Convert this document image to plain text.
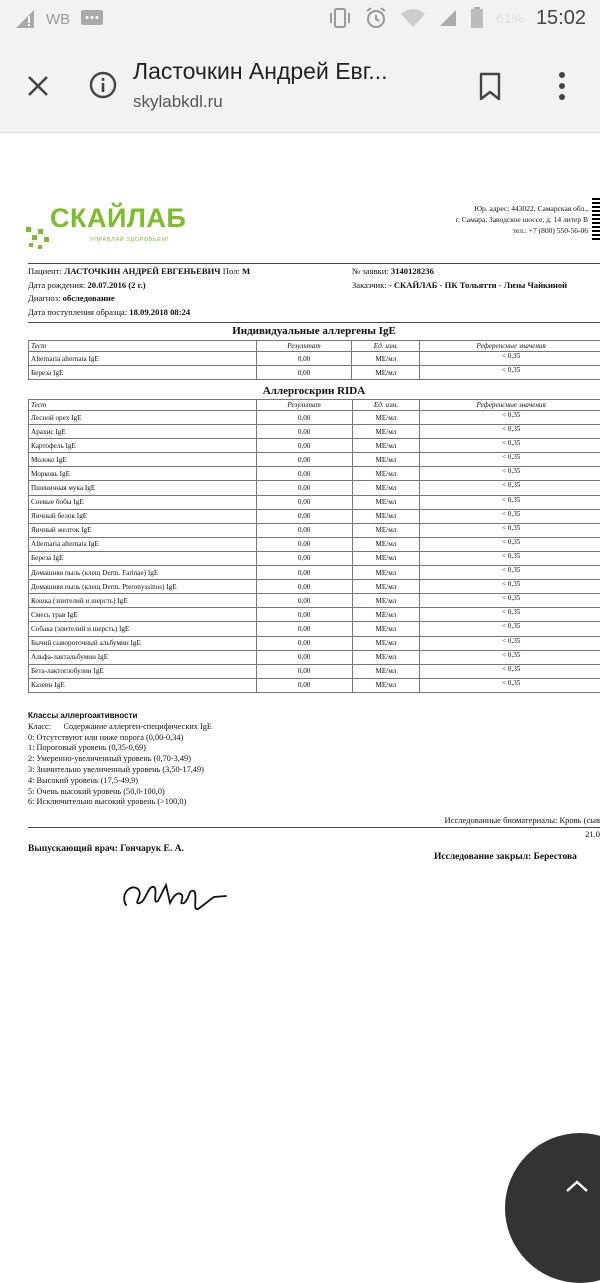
WB	61% 15:02
Ласточкин Андрей Евг...
skylabkdl.ru
СКАЙЛАБ
УПРАВЛЯЙ ЗДОРОВЬЕМ!
Юр. адрес: 443022, Самарская обл.,
г. Самара, Заводское шоссе, д. 14 литер В
тел.: +7 (800) 550-56-06
Пациент: ЛАСТОЧКИН АНДРЕЙ ЕВГЕНЬЕВИЧ Пол: М
Дата рождения: 20.07.2016 (2 г.)
Диагноз: обследование
Дата поступления образца: 18.09.2018 08:24
№ заявки: 3140128236
Заказчик: - СКАЙЛАБ - ПК Тольятти - Лизы Чайкиной
Индивидуальные аллергены IgE
Тест	Результат	Ед. изм.	Референсные значения
Alternaria alternata IgE	0,00	МЕ/мл	< 0,35
Береза IgE	0,00	МЕ/мл	< 0,35
Аллергоскрин RIDA
Тест	Результат	Ед. изм.	Референсные значения
Лесной орех IgE	0,00	МЕ/мл	< 0,35
Арахис IgE	0,00	МЕ/мл	< 0,35
Картофель IgE	0,00	МЕ/мл	< 0,35
Молоко IgE	0,00	МЕ/мл	< 0,35
Морковь IgE	0,00	МЕ/мл	< 0,35
Пшеничная мука IgE	0,00	МЕ/мл	< 0,35
Соевые бобы IgE	0,00	МЕ/мл	< 0,35
Яичный белок IgE	0,00	МЕ/мл	< 0,35
Яичный желток IgE	0,00	МЕ/мл	< 0,35
Alternaria alternata IgE	0,00	МЕ/мл	< 0,35
Береза IgE	0,00	МЕ/мл	< 0,35
Домашняя пыль (клещ Derm. Farinae) IgE	0,00	МЕ/мл	< 0,35
Домашняя пыль (клещ Derm. Pteronyssinus) IgE	0,00	МЕ/мл	< 0,35
Кошка (эпителий и шерсть) IgE	0,00	МЕ/мл	< 0,35
Смесь трав IgE	0,00	МЕ/мл	< 0,35
Собака (эпителий и шерсть) IgE	0,00	МЕ/мл	< 0,35
Бычий сывороточный альбумин IgE	0,00	МЕ/мл	< 0,35
Альфа-лактальбумин IgE	0,00	МЕ/мл	< 0,35
Бета-лактоглобулин IgE	0,00	МЕ/мл	< 0,35
Казеин IgE	0,00	МЕ/мл	< 0,35
Классы аллергоактивности
Класс:      Содержание аллерген-специфических IgE
0: Отсутствуют или ниже порога (0,00-0,34)
1: Пороговый уровень (0,35-0,69)
2: Умеренно-увеличенный уровень (0,70-3,49)
3: Значительно увеличенный уровень (3,50-17,49)
4: Высокий уровень (17,5-49,9)
5: Очень высокий уровень (50,0-100,0)
6: Исключительно высокий уровень (>100,0)
Исследованные биоматериалы: Кровь (сыв
21.0
Выпускающий врач: Гончарук Е. А.
Исследование закрыл: Берестова
